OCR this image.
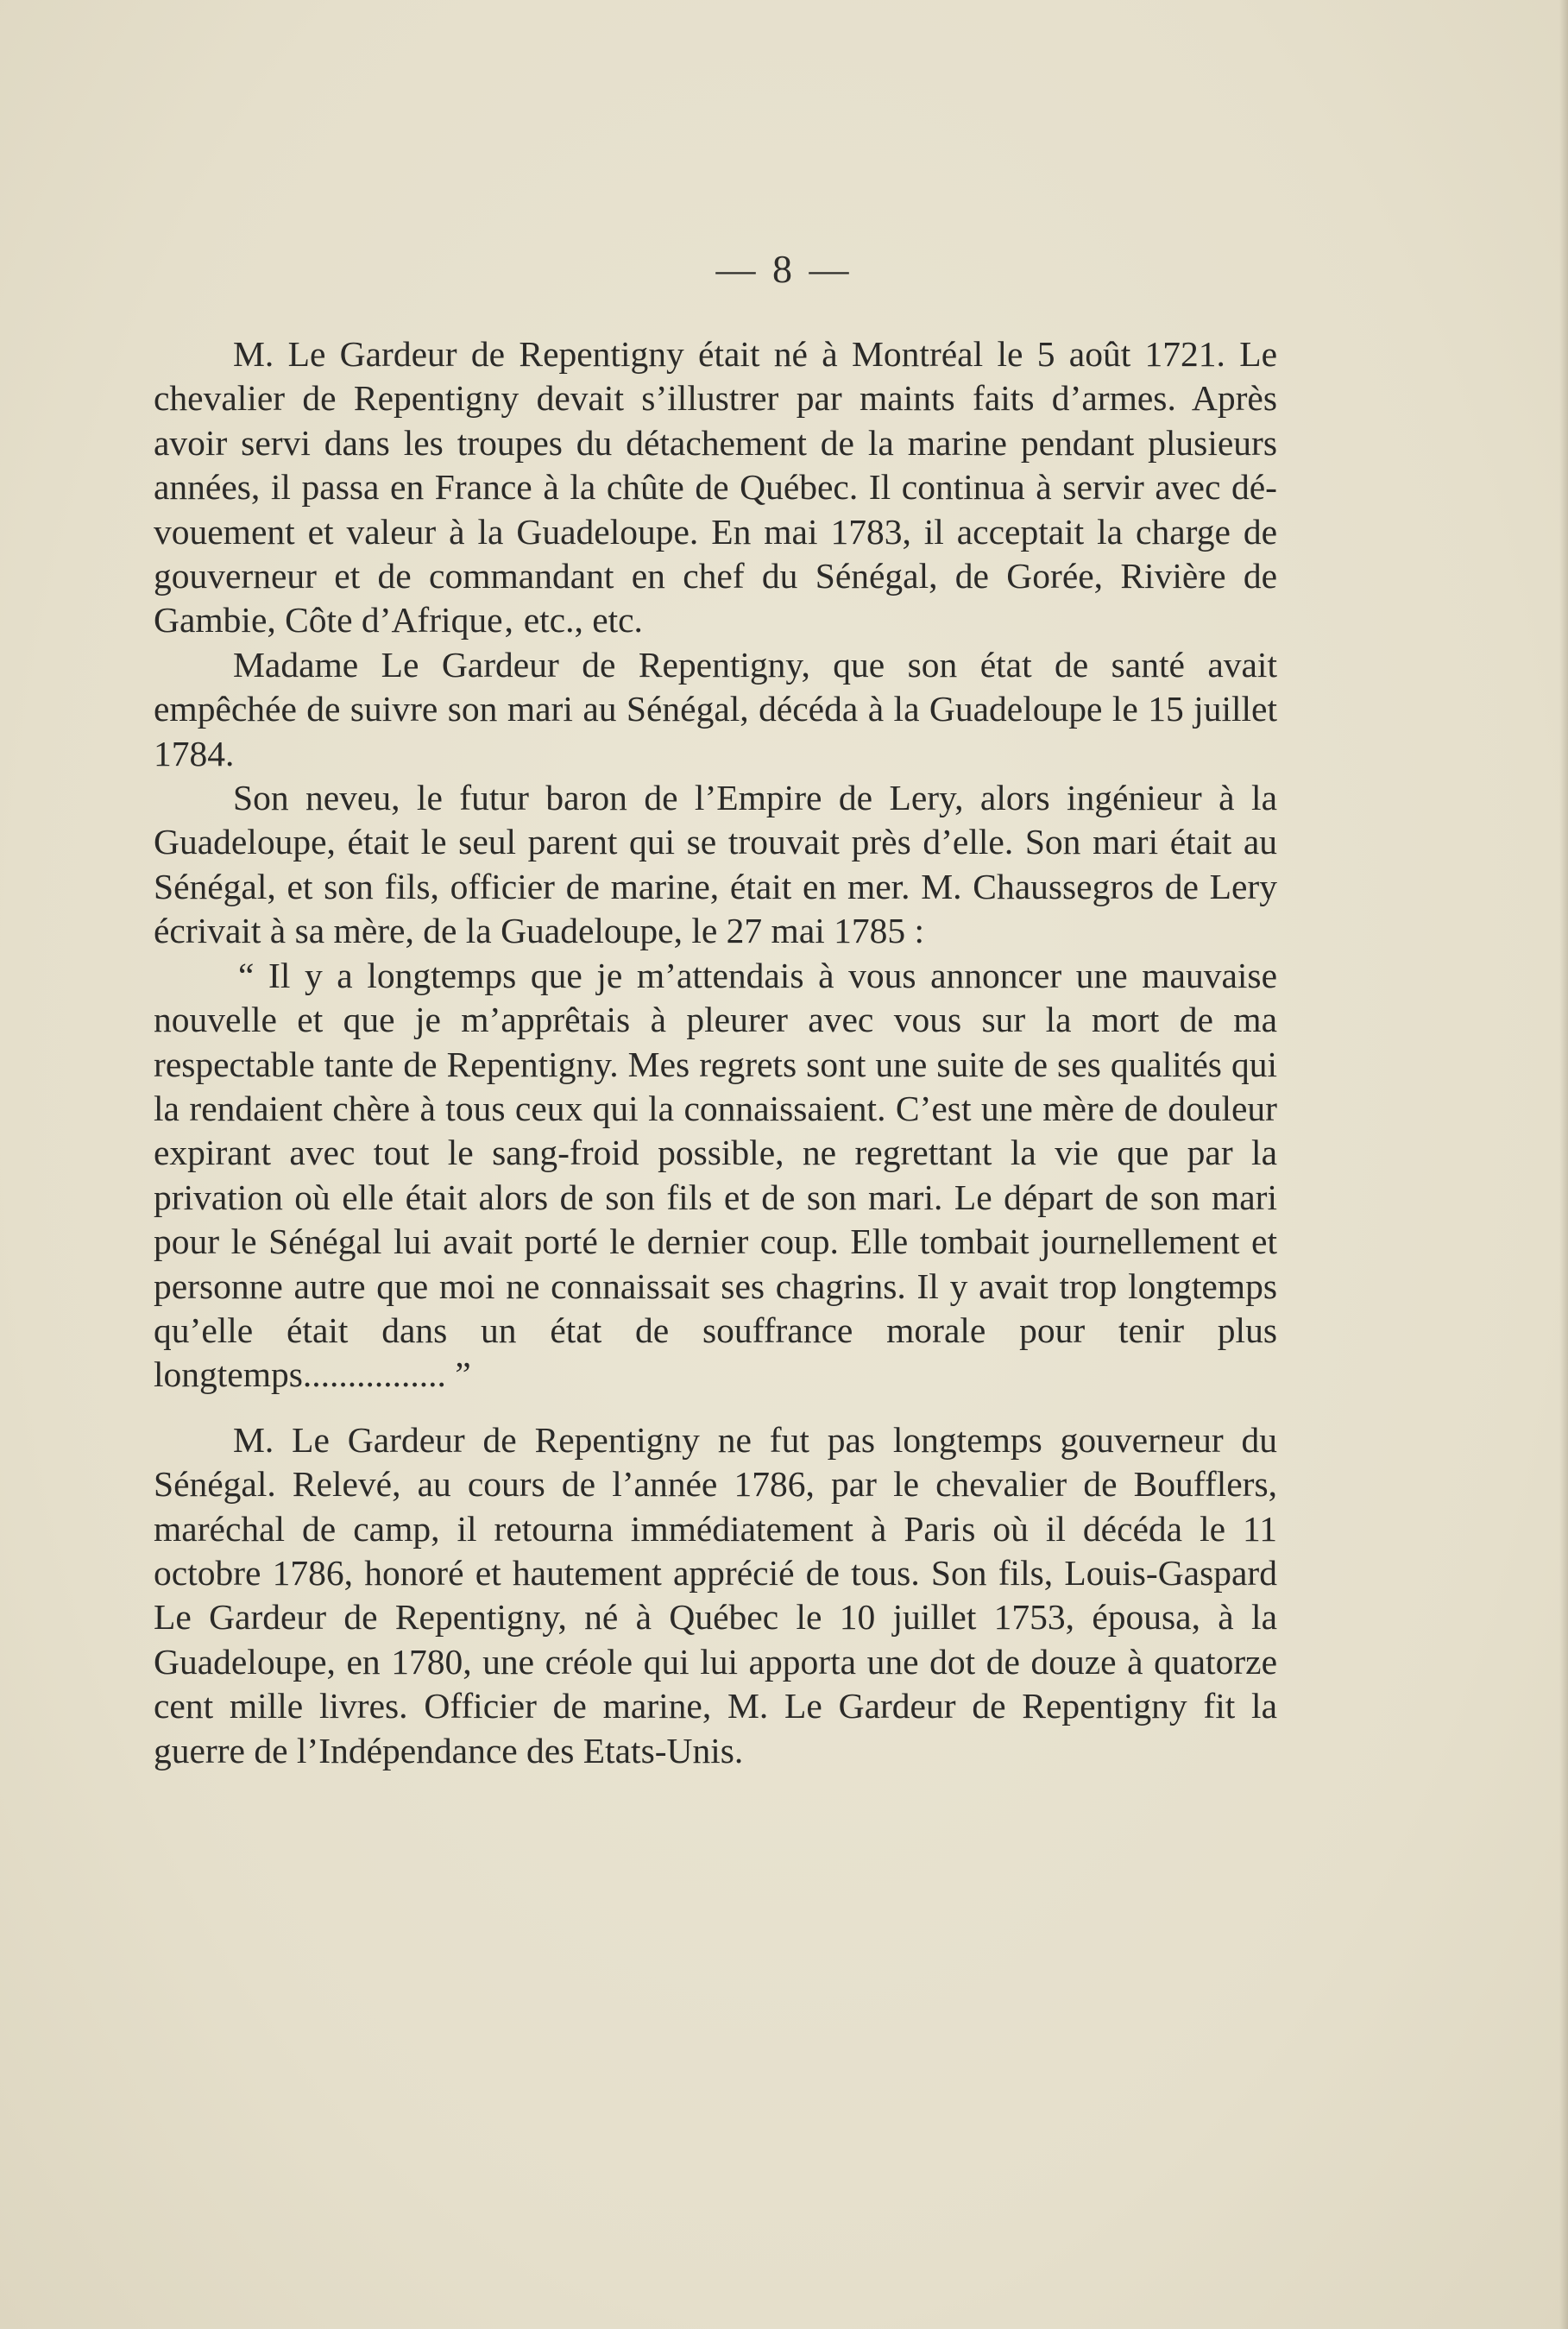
— 8 —

M. Le Gardeur de Repentigny était né à Montréal le 5 août 1721. Le chevalier de Repentigny devait s’illustrer par maints faits d’armes. Après avoir servi dans les troupes du détachement de la marine pendant plusieurs années, il passa en France à la chûte de Québec. Il continua à servir avec dévouement et valeur à la Guadeloupe. En mai 1783, il acceptait la charge de gouverneur et de commandant en chef du Sénégal, de Gorée, Rivière de Gambie, Côte d’Afrique‚ etc., etc.

Madame Le Gardeur de Repentigny, que son état de santé avait empêchée de suivre son mari au Sénégal, décéda à la Guadeloupe le 15 juillet 1784.

Son neveu, le futur baron de l’Empire de Lery, alors ingénieur à la Guadeloupe, était le seul parent qui se trouvait près d’elle. Son mari était au Sénégal, et son fils, officier de marine, était en mer. M. Chaussegros de Lery écrivait à sa mère, de la Guadeloupe, le 27 mai 1785 :

“ Il y a longtemps que je m’attendais à vous annoncer une mauvaise nouvelle et que je m’apprêtais à pleurer avec vous sur la mort de ma respectable tante de Repentigny. Mes regrets sont une suite de ses qualités qui la rendaient chère à tous ceux qui la connaissaient. C’est une mère de douleur expirant avec tout le sang-froid possible, ne regrettant la vie que par la privation où elle était alors de son fils et de son mari. Le départ de son mari pour le Sénégal lui avait porté le dernier coup. Elle tombait journellement et personne autre que moi ne connaissait ses chagrins. Il y avait trop longtemps qu’elle était dans un état de souffrance morale pour tenir plus longtemps................ ”

M. Le Gardeur de Repentigny ne fut pas longtemps gouverneur du Sénégal. Relevé, au cours de l’année 1786, par le chevalier de Boufflers, maréchal de camp, il retourna immédiatement à Paris où il décéda le 11 octobre 1786, honoré et hautement apprécié de tous. Son fils, Louis-Gaspard Le Gardeur de Repentigny, né à Québec le 10 juillet 1753, épousa, à la Guadeloupe, en 1780, une créole qui lui apporta une dot de douze à quatorze cent mille livres. Officier de marine, M. Le Gardeur de Repentigny fit la guerre de l’Indépendance des Etats-Unis.
